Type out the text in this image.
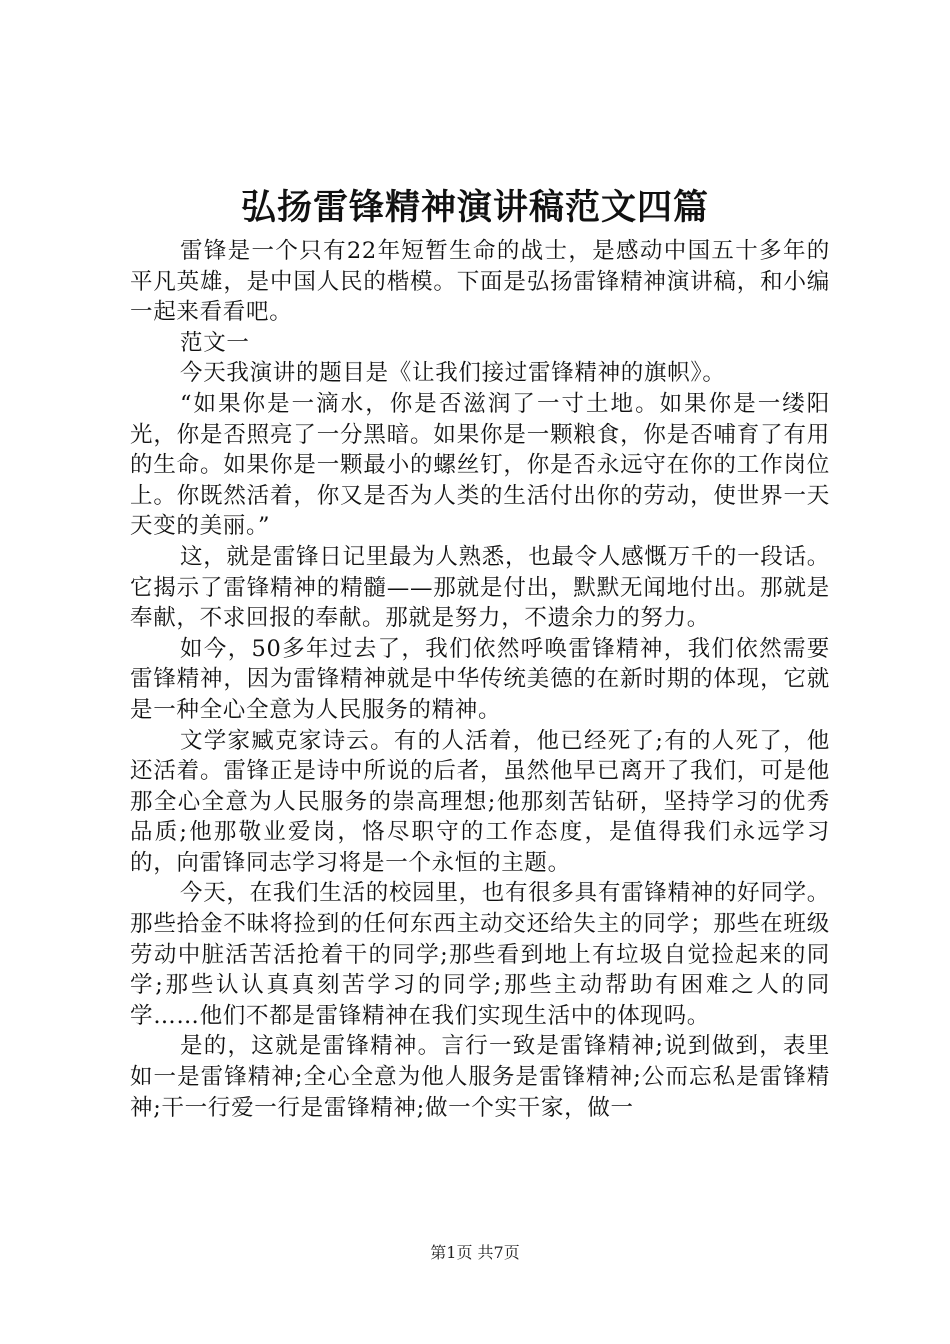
弘扬雷锋精神演讲稿范文四篇

雷锋是一个只有22年短暂生命的战士，是感动中国五十多年的平凡英雄，是中国人民的楷模。下面是弘扬雷锋精神演讲稿，和小编一起来看看吧。

范文一

今天我演讲的题目是《让我们接过雷锋精神的旗帜》。

“如果你是一滴水，你是否滋润了一寸土地。如果你是一缕阳光，你是否照亮了一分黑暗。如果你是一颗粮食，你是否哺育了有用的生命。如果你是一颗最小的螺丝钉，你是否永远守在你的工作岗位上。你既然活着，你又是否为人类的生活付出你的劳动，使世界一天天变的美丽。”

这，就是雷锋日记里最为人熟悉，也最令人感慨万千的一段话。它揭示了雷锋精神的精髓——那就是付出，默默无闻地付出。那就是奉献，不求回报的奉献。那就是努力，不遗余力的努力。

如今，50多年过去了，我们依然呼唤雷锋精神，我们依然需要雷锋精神，因为雷锋精神就是中华传统美德的在新时期的体现，它就是一种全心全意为人民服务的精神。

文学家臧克家诗云。有的人活着，他已经死了;有的人死了，他还活着。雷锋正是诗中所说的后者，虽然他早已离开了我们，可是他那全心全意为人民服务的崇高理想;他那刻苦钻研，坚持学习的优秀品质;他那敬业爱岗，恪尽职守的工作态度，是值得我们永远学习的，向雷锋同志学习将是一个永恒的主题。

今天，在我们生活的校园里，也有很多具有雷锋精神的好同学。那些拾金不昧将捡到的任何东西主动交还给失主的同学；那些在班级劳动中脏活苦活抢着干的同学;那些看到地上有垃圾自觉捡起来的同学;那些认认真真刻苦学习的同学;那些主动帮助有困难之人的同学……他们不都是雷锋精神在我们实现生活中的体现吗。

是的，这就是雷锋精神。言行一致是雷锋精神;说到做到，表里如一是雷锋精神;全心全意为他人服务是雷锋精神;公而忘私是雷锋精神;干一行爱一行是雷锋精神;做一个实干家，做一

第1页 共7页
